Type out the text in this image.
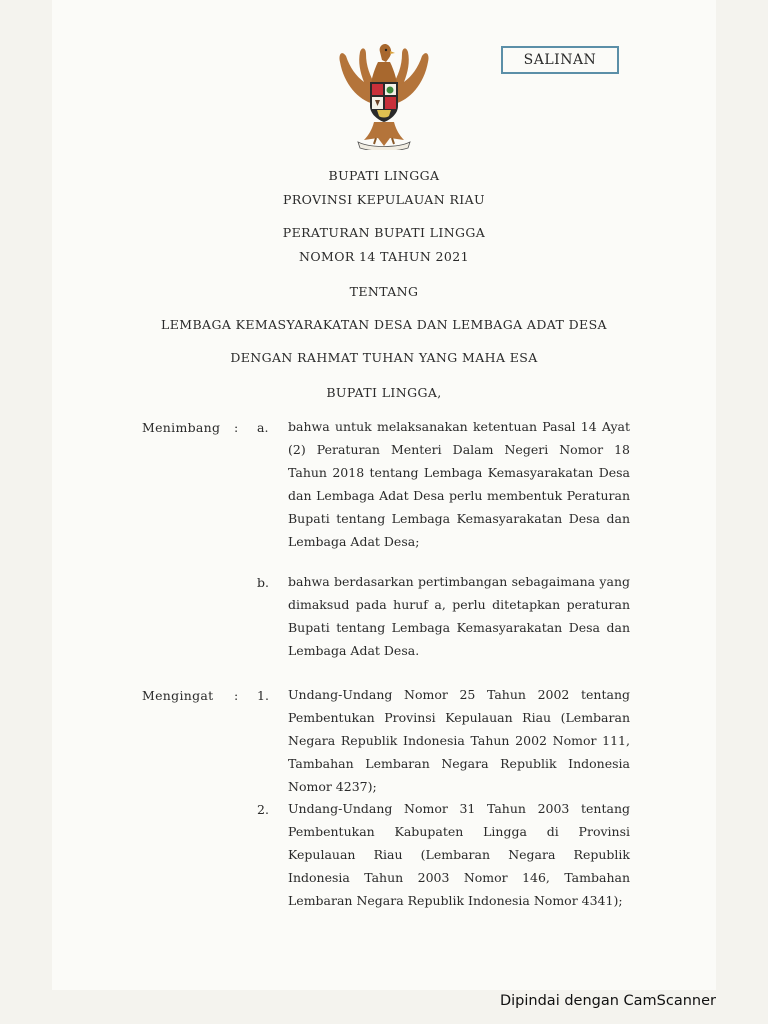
SALINAN
BUPATI LINGGA
PROVINSI KEPULAUAN RIAU
PERATURAN BUPATI LINGGA
NOMOR 14 TAHUN 2021
TENTANG
LEMBAGA KEMASYARAKATAN DESA DAN LEMBAGA ADAT DESA
DENGAN RAHMAT TUHAN YANG MAHA ESA
BUPATI LINGGA,
Menimbang : a. bahwa untuk melaksanakan ketentuan Pasal 14 Ayat (2) Peraturan Menteri Dalam Negeri Nomor 18 Tahun 2018 tentang Lembaga Kemasyarakatan Desa dan Lembaga Adat Desa perlu membentuk Peraturan Bupati tentang Lembaga Kemasyarakatan Desa dan Lembaga Adat Desa;
b. bahwa berdasarkan pertimbangan sebagaimana yang dimaksud pada huruf a, perlu ditetapkan peraturan Bupati tentang Lembaga Kemasyarakatan Desa dan Lembaga Adat Desa.
Mengingat : 1. Undang-Undang Nomor 25 Tahun 2002 tentang Pembentukan Provinsi Kepulauan Riau (Lembaran Negara Republik Indonesia Tahun 2002 Nomor 111, Tambahan Lembaran Negara Republik Indonesia Nomor 4237);
2. Undang-Undang Nomor 31 Tahun 2003 tentang Pembentukan Kabupaten Lingga di Provinsi Kepulauan Riau (Lembaran Negara Republik Indonesia Tahun 2003 Nomor 146, Tambahan Lembaran Negara Republik Indonesia Nomor 4341);
Dipindai dengan CamScanner
